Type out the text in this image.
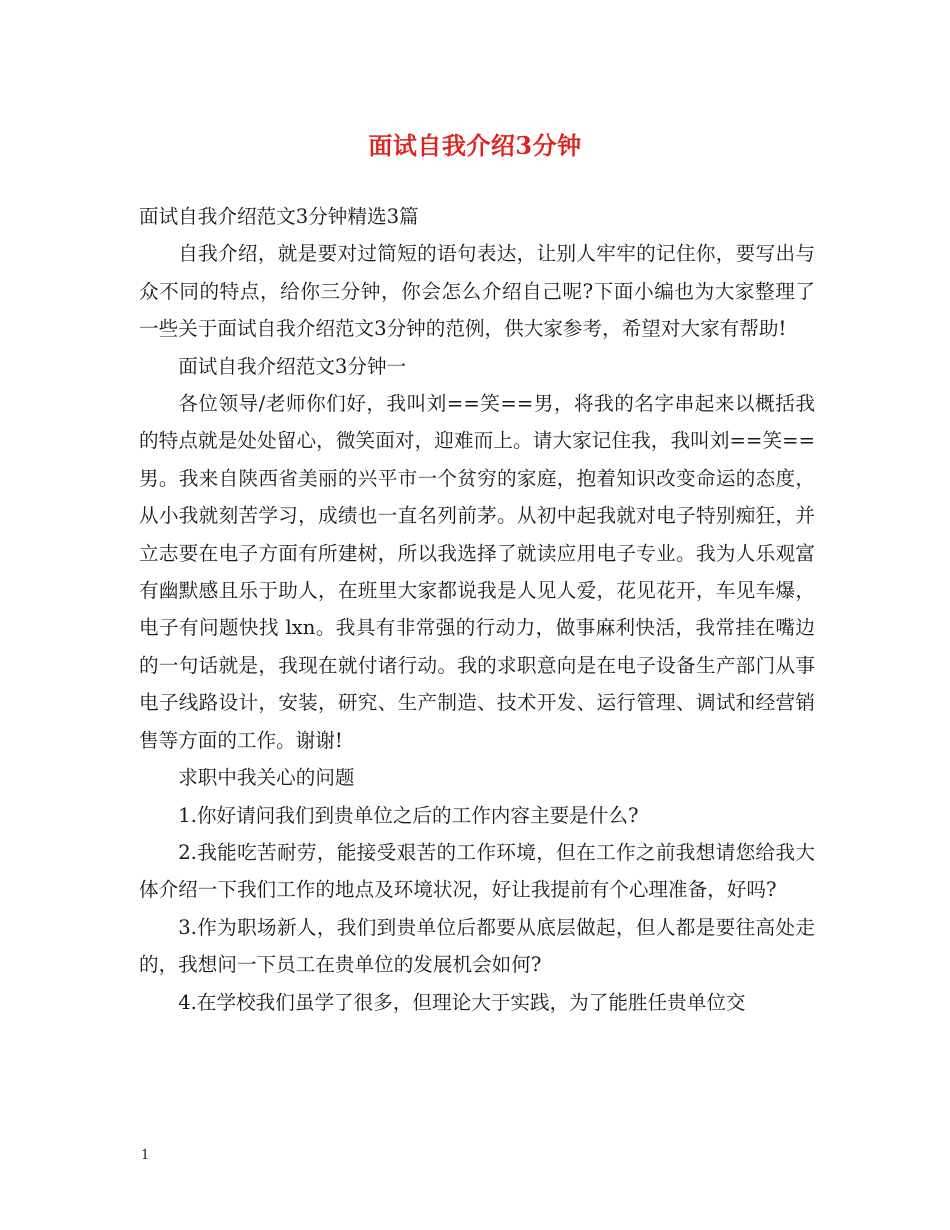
面试自我介绍3分钟

面试自我介绍范文3分钟精选3篇

自我介绍，就是要对过简短的语句表达，让别人牢牢的记住你，要写出与众不同的特点，给你三分钟，你会怎么介绍自己呢?下面小编也为大家整理了一些关于面试自我介绍范文3分钟的范例，供大家参考，希望对大家有帮助!

面试自我介绍范文3分钟一

各位领导/老师你们好，我叫刘==笑==男，将我的名字串起来以概括我的特点就是处处留心，微笑面对，迎难而上。请大家记住我，我叫刘==笑== 男。我来自陕西省美丽的兴平市一个贫穷的家庭，抱着知识改变命运的态度，从小我就刻苦学习，成绩也一直名列前茅。从初中起我就对电子特别痴狂，并立志要在电子方面有所建树，所以我选择了就读应用电子专业。我为人乐观富有幽默感且乐于助人，在班里大家都说我是人见人爱，花见花开，车见车爆，电子有问题快找 lxn。我具有非常强的行动力，做事麻利快活，我常挂在嘴边的一句话就是，我现在就付诸行动。我的求职意向是在电子设备生产部门从事电子线路设计，安装，研究、生产制造、技术开发、运行管理、调试和经营销售等方面的工作。谢谢!

求职中我关心的问题

1.你好请问我们到贵单位之后的工作内容主要是什么?

2.我能吃苦耐劳，能接受艰苦的工作环境，但在工作之前我想请您给我大体介绍一下我们工作的地点及环境状况，好让我提前有个心理准备，好吗?

3.作为职场新人，我们到贵单位后都要从底层做起，但人都是要往高处走的，我想问一下员工在贵单位的发展机会如何?

4.在学校我们虽学了很多，但理论大于实践，为了能胜任贵单位交

1
